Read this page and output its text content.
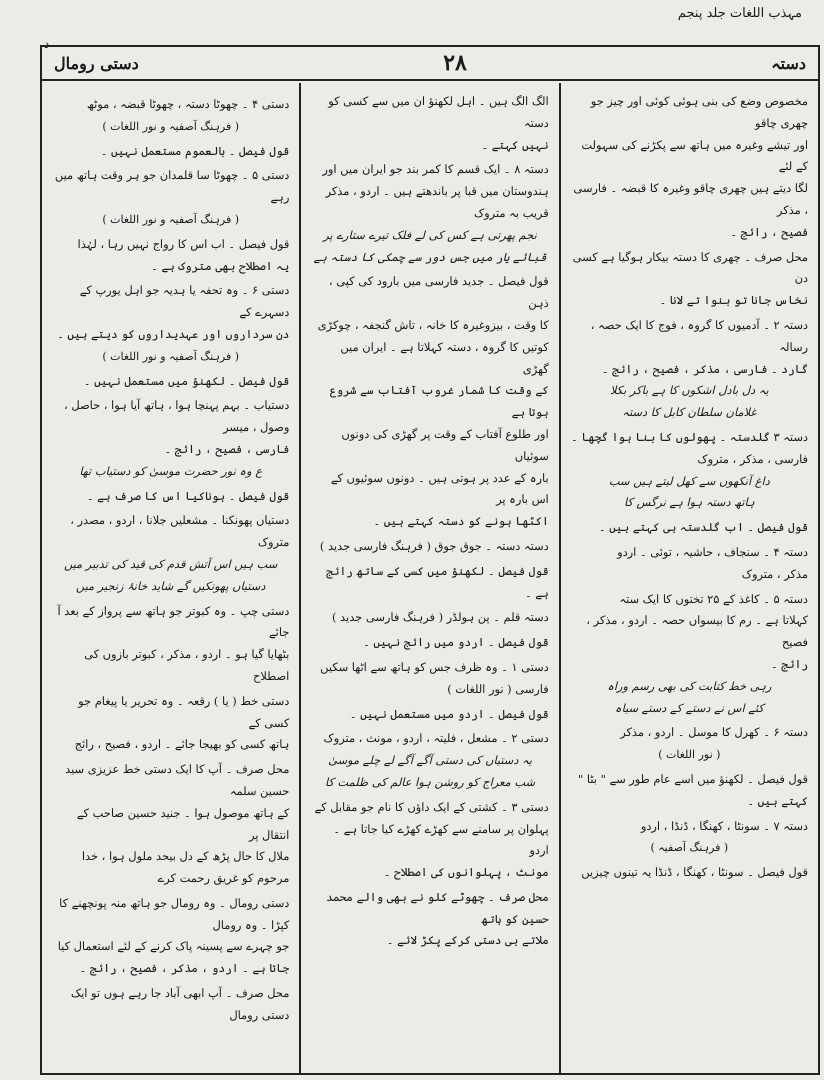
مہذب اللغات جلد پنجم
د
دستہ
۲۸
دستی رومال

مخصوص وضع کی بنی ہوئی کوئی اور چیز جو چھری چاقو

اور تیشے وغیرہ میں ہاتھ سے پکڑنے کی سہولت کے لئے

لگا دیتے ہیں چھری چاقو وغیرہ کا قبضہ ۔ فارسی ، مذکر

فصیح ، رائج ۔

محل صرف ۔ چھری کا دستہ بیکار ہوگیا ہے کسی دن

نخاس جانا تو بنوا تے لانا ۔

دستہ ۲ ۔ آدمیوں کا گروہ ، فوج کا ایک حصہ ، رسالہ

گارد ۔ فارسی ، مذکر ، فصیح ، رائج ۔

یہ دل بادل اشکوں کا ہے باکر بکلا

غلامان سلطان کابل کا دستہ

دستہ ۳ گلدستہ ۔ پھولوں کا بنا ہوا گچھا ۔

فارسی ، مذکر ، متروک

داغ آنکھوں سے کھل لیتے ہیں سب

ہاتھ دستہ ہوا ہے نرگس کا

قول فیصل ۔ اب گلدستہ ہی کہتے ہیں ۔

دستہ ۴ ۔ سنجاف ، حاشیہ ، توئی ۔ اردو

مذکر ، متروک

دستہ ۵ ۔ کاغذ کے ۲۵ تختوں کا ایک ستہ

کہلاتا ہے ۔ رم کا بیسواں حصہ ۔ اردو ، مذکر ، فصیح

رائج ۔

رہی خط کتابت کی بھی رسم وراہ

کئے اس نے دستے کے دستے سیاہ

دستہ ۶ ۔ کھرل کا موسل ۔ اردو ، مذکر

( نور اللغات )

قول فیصل ۔ لکھنؤ میں اسے عام طور سے " بٹا "

کہتے ہیں ۔

دستہ ۷ ۔ سونٹا ، کھنگا ، ڈنڈا ، اردو

( فرہنگ آصفیہ )

قول فیصل ۔ سونٹا ، کھنگا ، ڈنڈا یہ تینوں چیزیں

الگ الگ ہیں ۔ اہل لکھنؤ ان میں سے کسی کو دستہ

نہیں کہتے ۔

دستہ ۸ ۔ ایک قسم کا کمر بند جو ایران میں اور

ہندوستان میں قبا پر باندھتے ہیں ۔ اردو ، مذکر

قریب بہ متروک

نجم پھرتی ہے کس کی لے فلک تیرے ستارے پر

قبائے یار میں جس دور سے چمکی کا دستہ ہے

قول فیصل ۔ جدید فارسی میں بارود کی کپی ، ذہن

کا وقت ، بیزوغیرہ کا خانہ ، تاش گنجفہ ، چوکڑی

کوتیں کا گروہ ، دستہ کہلاتا ہے ۔ ایران میں گھڑی

کے وقت کا شمار غروب آفتاب سے شروع ہوتا ہے

اور طلوع آفتاب کے وقت پر گھڑی کی دونوں سوئیاں

بارہ کے عدد پر ہوتی ہیں ۔ دونوں سوئیوں کے اس بارہ پر

اکٹھا ہونے کو دستہ کہتے ہیں ۔

دستہ دستہ ۔ جوق جوق ( فرہنگ فارسی جدید )

قول فیصل ۔ لکھنؤ میں کسی کے ساتھ رائج ہے ۔

دستہ قلم ۔ پن ہولڈر ( فرہنگ فارسی جدید )

قول فیصل ۔ اردو میں رائج نہیں ۔

دستی ۱ ۔ وہ ظرف جس کو ہاتھ سے اٹھا سکیں

فارسی ( نور اللغات )

قول فیصل ۔ اردو میں مستعمل نہیں ۔

دستی ۲ ۔ مشعل ، فلیتہ ، اردو ، مونث ، متروک

یہ دستیاں کی دستی آگے آگے لے چلے موسیٰ

شب معراج کو روشن ہوا عالم کی ظلمت کا

دستی ۳ ۔ کشتی کے ایک داؤں کا نام جو مقابل کے

پہلوان پر سامنے سے کھڑے کھڑے کیا جاتا ہے ۔ اردو

مونث ، پہلوانوں کی اصطلاح ۔

محل صرف ۔ چھوٹے کلو نے بھی والے محمد حسین کو ہاتھ

ملاتے ہی دستی کرکے پکڑ لائے ۔

دستی ۴ ۔ چھوٹا دستہ ، چھوٹا قبضہ ، موٹھ

( فرہنگ آصفیہ و نور اللغات )

قول فیصل ۔ بالعموم مستعمل نہیں ۔

دستی ۵ ۔ چھوٹا سا قلمدان جو ہر وقت ہاتھ میں رہے

( فرہنگ آصفیہ و نور اللغات )

قول فیصل ۔ اب اس کا رواج نہیں رہا ، لہٰذا

یہ اصطلاح بھی متروک ہے ۔

دستی ۶ ۔ وہ تحفہ یا ہدیہ جو اہل یورپ کے دسہرے کے

دن سرداروں اور عہدیداروں کو دیتے ہیں ۔

( فرہنگ آصفیہ و نور اللغات )

قول فیصل ۔ لکھنؤ میں مستعمل نہیں ۔

دستیاب ۔ بہم پہنچا ہوا ، ہاتھ آیا ہوا ، حاصل ، وصول ، میسر

فارسی ، فصیح ، رائج ۔

ع وہ نور حضرت موسیٰ کو دستیاب تھا

قول فیصل ۔ ہوناکیا اس کا صرف ہے ۔

دستیاں پھونکنا ۔ مشعلیں جلانا ، اردو ، مصدر ، متروک

سب ہیں اس آتش قدم کی قید کی تدبیر میں

دستیاں پھونکیں گے شاید خانۂ زنجیر میں

دستی چپ ۔ وہ کبوتر جو ہاتھ سے پرواز کے بعد آ جائے

بٹھایا گیا ہو ۔ اردو ، مذکر ، کبوتر بازوں کی اصطلاح

دستی خط ( یا ) رقعہ ۔ وہ تحریر یا پیغام جو کسی کے

ہاتھ کسی کو بھیجا جائے ۔ اردو ، فصیح ، رائج

محل صرف ۔ آپ کا ایک دستی خط عزیزی سید حسین سلمہ

کے ہاتھ موصول ہوا ۔ جنید حسین صاحب کے انتقال پر

ملال کا حال پڑھ کے دل بیحد ملول ہوا ، خدا مرحوم کو غریق رحمت کرے

دستی رومال ۔ وہ رومال جو ہاتھ منہ پونچھنے کا کپڑا ۔ وہ رومال

جو چہرے سے پسینہ پاک کرنے کے لئے استعمال کیا

جاتا ہے ۔ اردو ، مذکر ، فصیح ، رائج ۔

محل صرف ۔ آپ ابھی آباد جا رہے ہوں تو ایک دستی رومال
